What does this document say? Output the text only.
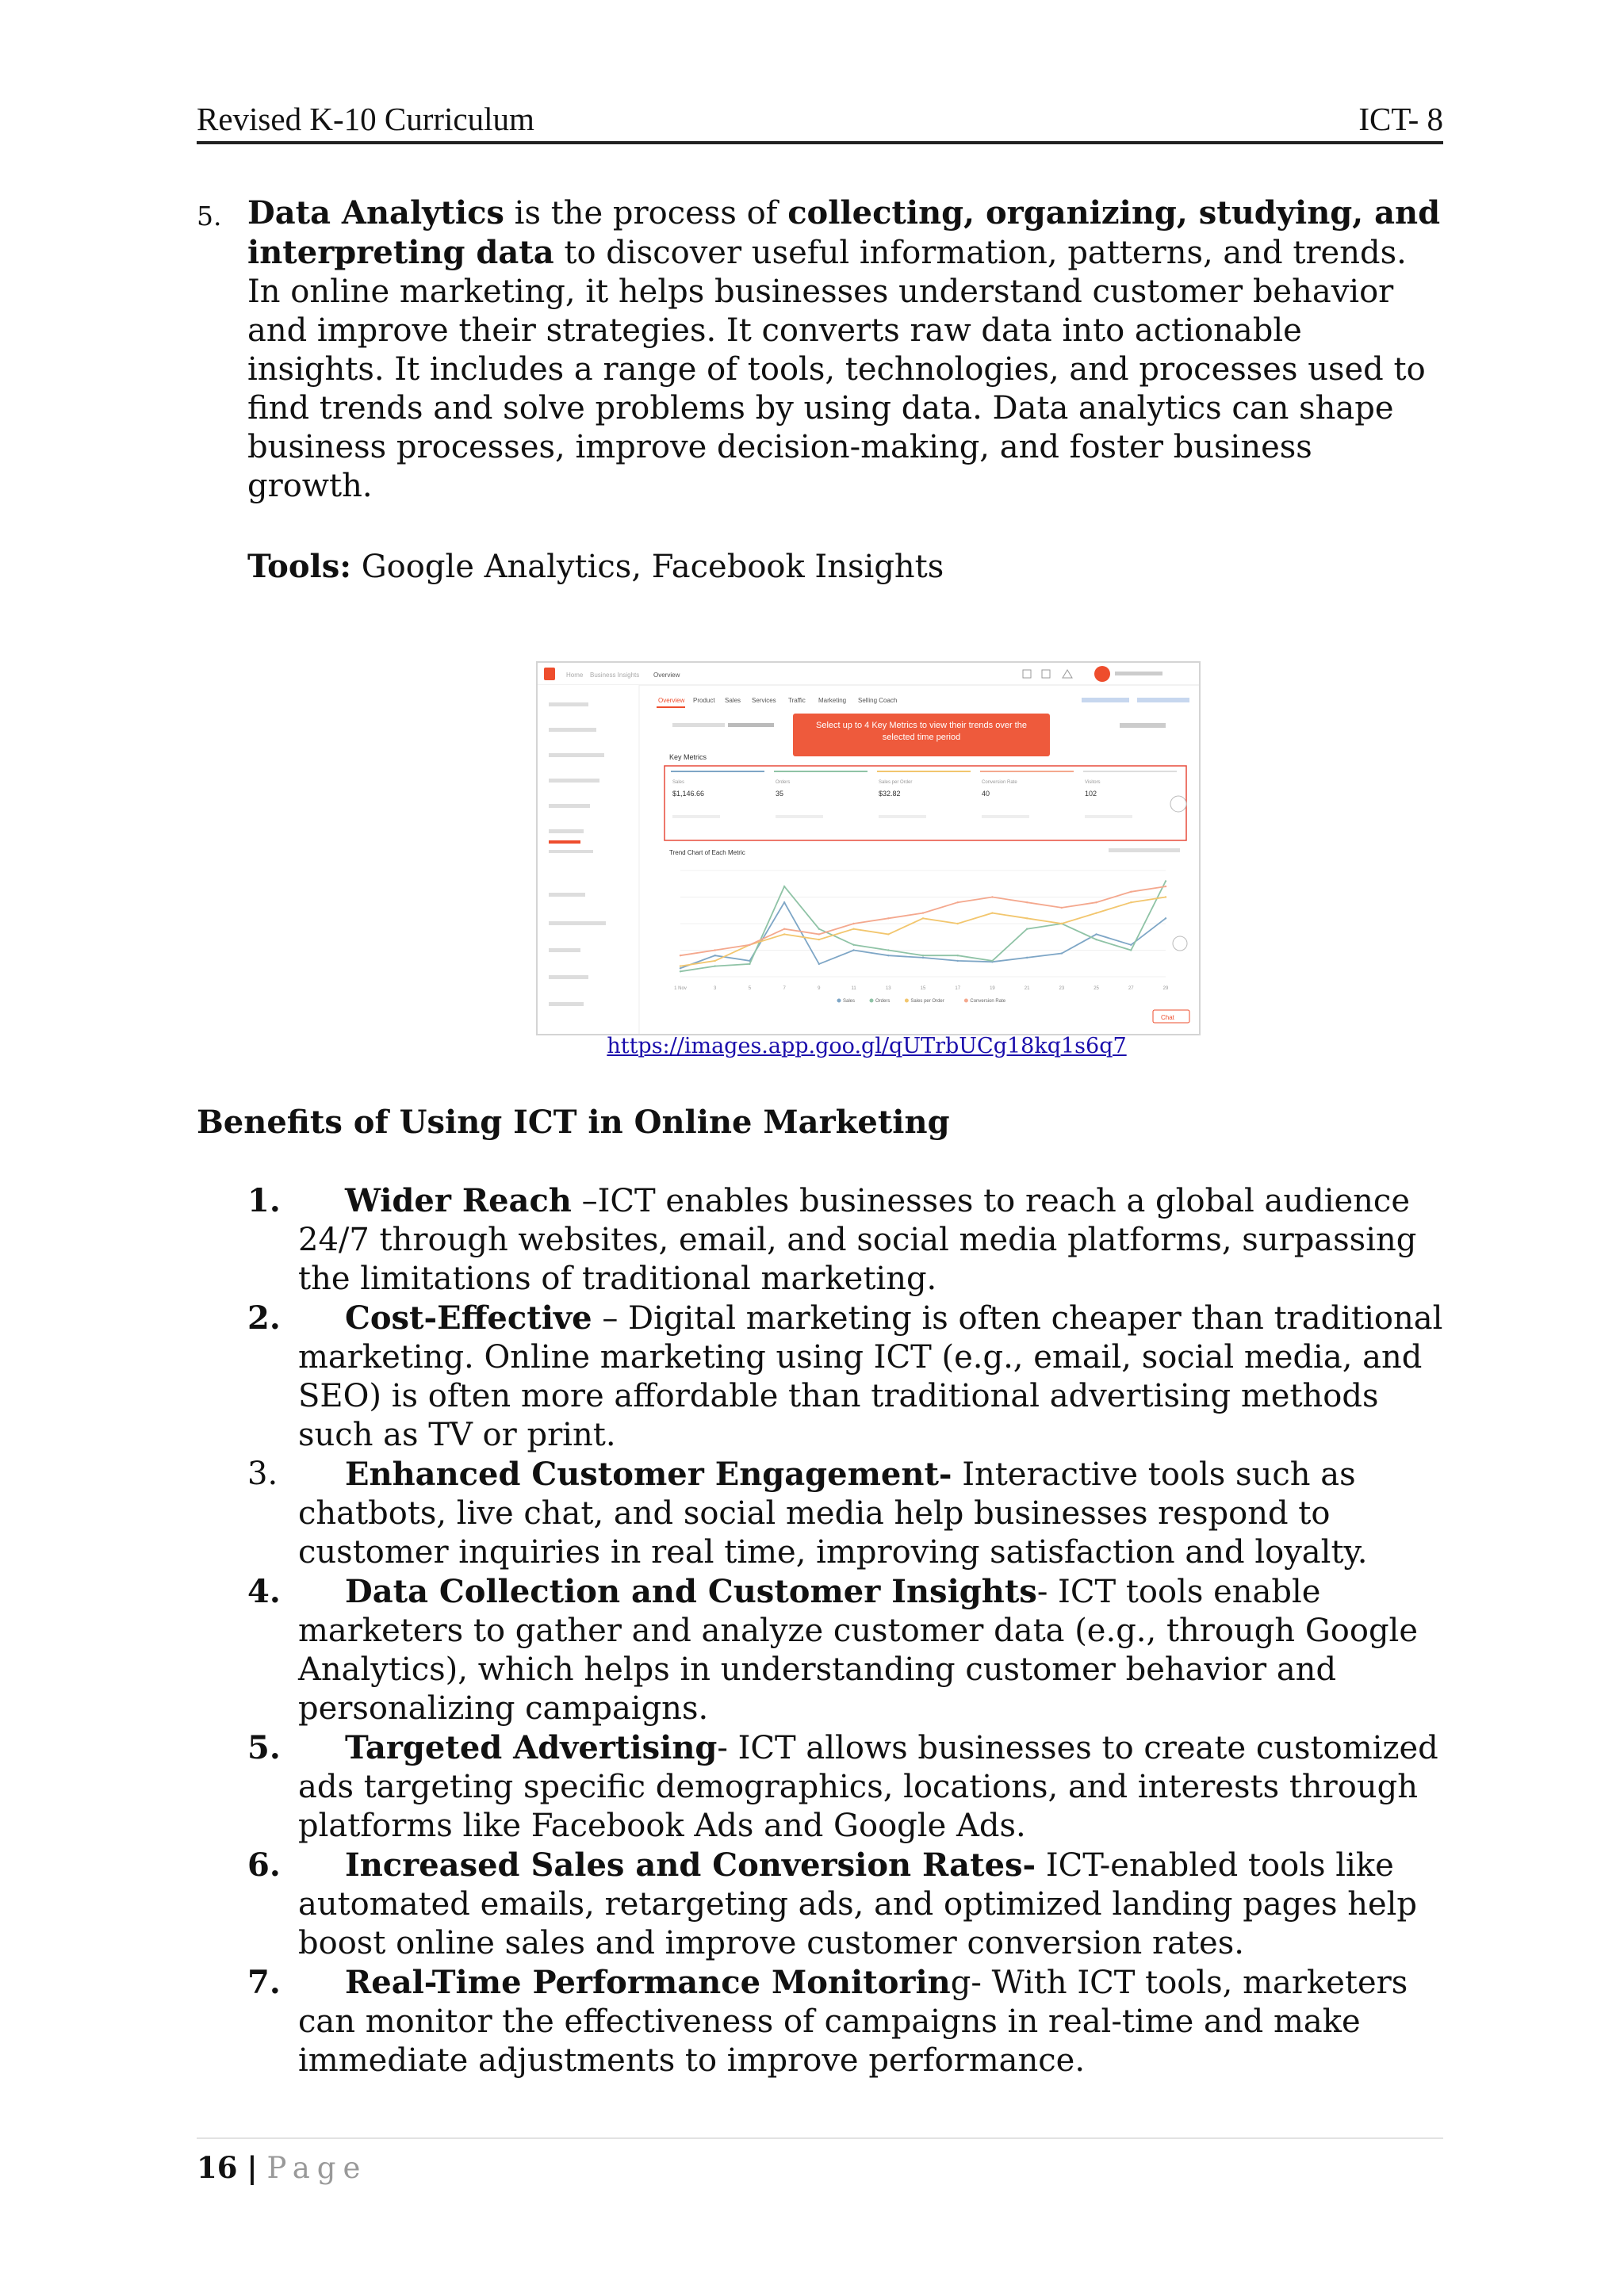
Revised K-10 Curriculum	ICT- 8
5. Data Analytics is the process of collecting, organizing, studying, and interpreting data to discover useful information, patterns, and trends. In online marketing, it helps businesses understand customer behavior and improve their strategies. It converts raw data into actionable insights. It includes a range of tools, technologies, and processes used to find trends and solve problems by using data. Data analytics can shape business processes, improve decision-making, and foster business growth.
Tools: Google Analytics, Facebook Insights
Home Business Insights Overview
Overview Product Sales Services Traffic Marketing Selling Coach
Select up to 4 Key Metrics to view their trends over the selected time period
Key Metrics
Sales
$1,146.66
Orders
35
Sales per Order
$32.82
Conversion Rate
40
Visitors
102
Trend Chart of Each Metric
1 Nov	3	5	7	9	11	13	15	17	19	21	23	25	27	29
Sales	Orders	Sales per Order	Conversion Rate
Chat
https://images.app.goo.gl/qUTrbUCg18kq1s6q7
Benefits of Using ICT in Online Marketing
1. Wider Reach –ICT enables businesses to reach a global audience 24/7 through websites, email, and social media platforms, surpassing the limitations of traditional marketing.
2. Cost-Effective – Digital marketing is often cheaper than traditional marketing. Online marketing using ICT (e.g., email, social media, and SEO) is often more affordable than traditional advertising methods such as TV or print.
3. Enhanced Customer Engagement- Interactive tools such as chatbots, live chat, and social media help businesses respond to customer inquiries in real time, improving satisfaction and loyalty.
4. Data Collection and Customer Insights- ICT tools enable marketers to gather and analyze customer data (e.g., through Google Analytics), which helps in understanding customer behavior and personalizing campaigns.
5. Targeted Advertising- ICT allows businesses to create customized ads targeting specific demographics, locations, and interests through platforms like Facebook Ads and Google Ads.
6. Increased Sales and Conversion Rates- ICT-enabled tools like automated emails, retargeting ads, and optimized landing pages help boost online sales and improve customer conversion rates.
7. Real-Time Performance Monitoring- With ICT tools, marketers can monitor the effectiveness of campaigns in real-time and make immediate adjustments to improve performance.
16 | Page
